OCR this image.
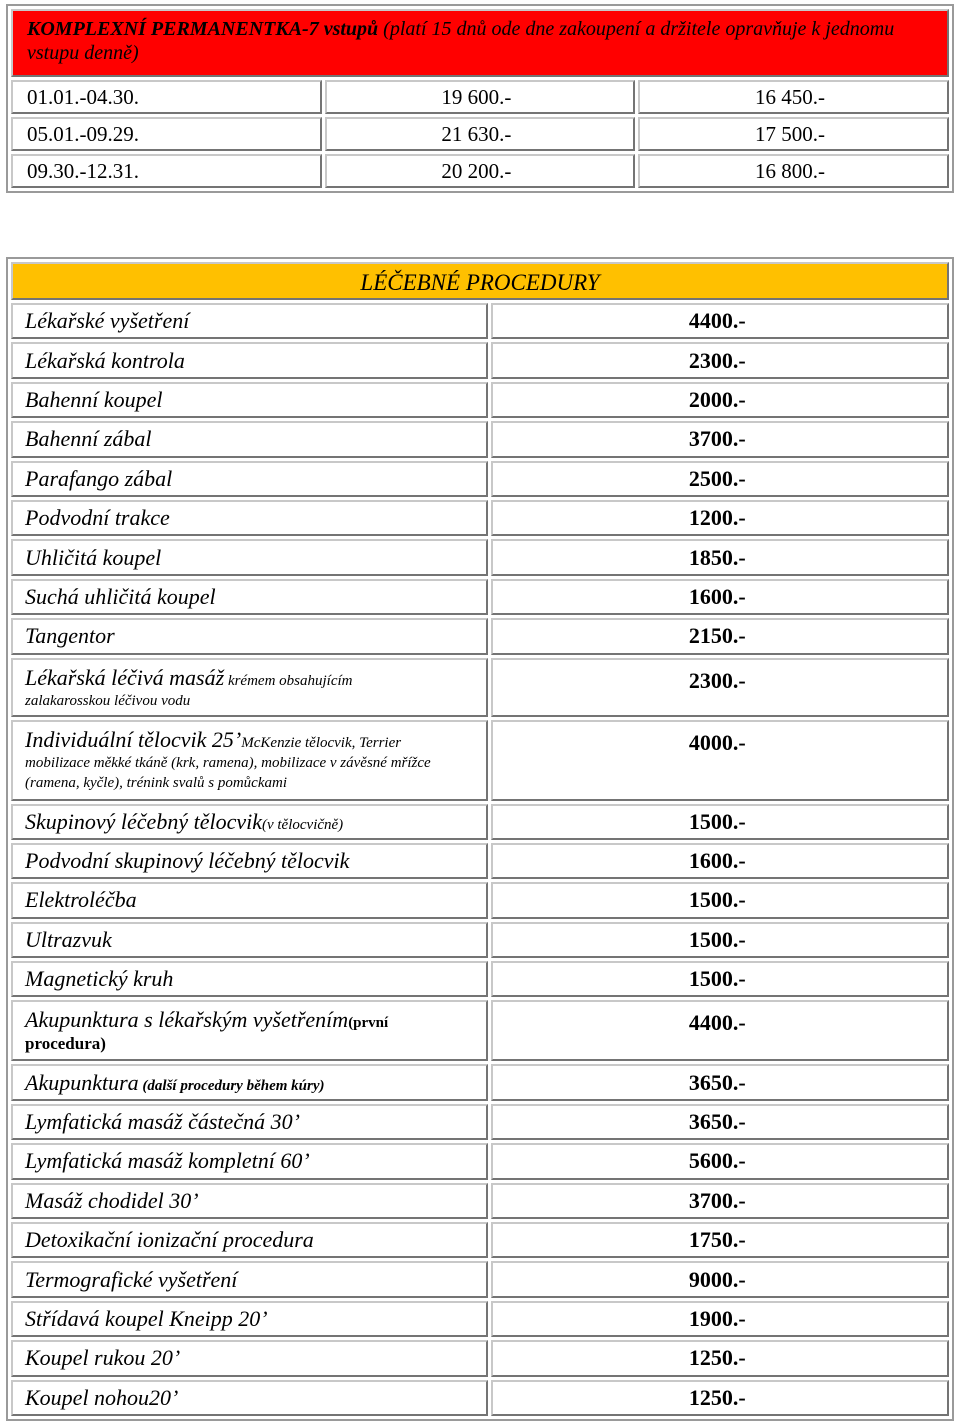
KOMPLEXNÍ PERMANENTKA-7 vstupů (platí 15 dnů ode dne zakoupení a držitele opravňuje k jednomu vstupu denně)		
01.01.-04.30.	19 600.-	16 450.-
05.01.-09.29.	21 630.-	17 500.-
09.30.-12.31.	20 200.-	16 800.-
LÉČEBNÉ PROCEDURY	
Lékařské vyšetření	4400.-
Lékařská kontrola	2300.-
Bahenní koupel	2000.-
Bahenní zábal	3700.-
Parafango zábal	2500.-
Podvodní trakce	1200.-
Uhličitá koupel	1850.-
Suchá uhličitá koupel	1600.-
Tangentor	2150.-
Lékařská léčivá masáž krémem obsahujícím
zalakarosskou léčivou vodu	2300.-
Individuální tělocvik 25’McKenzie tělocvik, Terrier
mobilizace měkké tkáně (krk, ramena), mobilizace v závěsné mřížce (ramena, kyčle), trénink svalů s pomůckami	4000.-
Skupinový léčebný tělocvik(v tělocvičně)	1500.-
Podvodní skupinový léčebný tělocvik	1600.-
Elektroléčba	1500.-
Ultrazvuk	1500.-
Magnetický kruh	1500.-
Akupunktura s lékařským vyšetřením(první
procedura)	4400.-
Akupunktura (další procedury během kúry)	3650.-
Lymfatická masáž částečná 30’	3650.-
Lymfatická masáž kompletní 60’	5600.-
Masáž chodidel 30’	3700.-
Detoxikační ionizační procedura	1750.-
Termografické vyšetření	9000.-
Střídavá koupel Kneipp 20’	1900.-
Koupel rukou 20’	1250.-
Koupel nohou20’	1250.-
